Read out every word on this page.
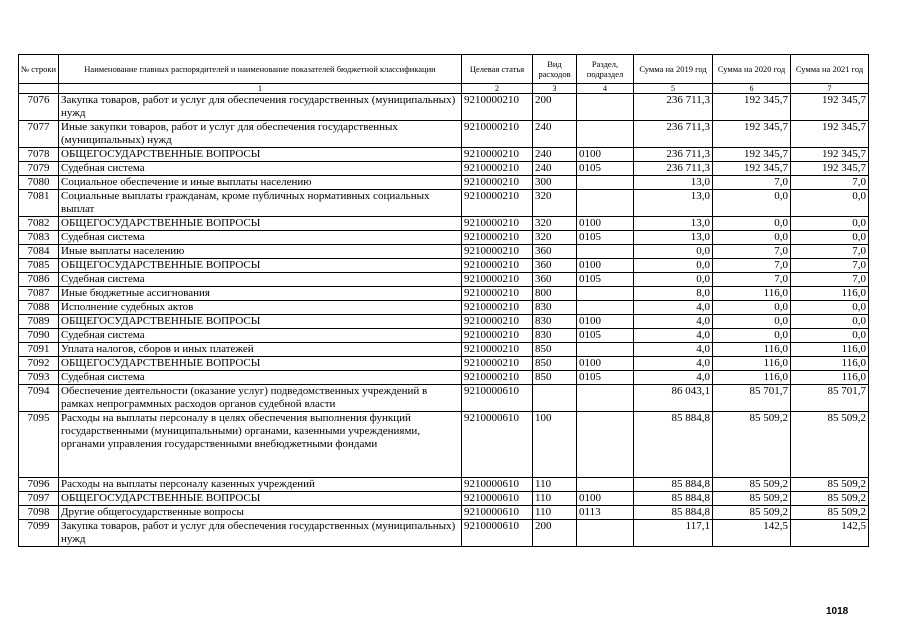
№ строки	Наименование главных распорядителей и наименование показателей бюджетной классификации	Целевая статья	Вид расходов	Раздел, подраздел	Сумма на 2019 год	Сумма на 2020 год	Сумма на 2021 год
	1	2	3	4	5	6	7
7076	Закупка товаров, работ и услуг для обеспечения государственных (муниципальных) нужд	9210000210	200		236 711,3	192 345,7	192 345,7
7077	Иные закупки товаров, работ и услуг для обеспечения государственных (муниципальных) нужд	9210000210	240		236 711,3	192 345,7	192 345,7
7078	ОБЩЕГОСУДАРСТВЕННЫЕ ВОПРОСЫ	9210000210	240	0100	236 711,3	192 345,7	192 345,7
7079	Судебная система	9210000210	240	0105	236 711,3	192 345,7	192 345,7
7080	Социальное обеспечение и иные выплаты населению	9210000210	300		13,0	7,0	7,0
7081	Социальные выплаты гражданам, кроме публичных нормативных социальных выплат	9210000210	320		13,0	0,0	0,0
7082	ОБЩЕГОСУДАРСТВЕННЫЕ ВОПРОСЫ	9210000210	320	0100	13,0	0,0	0,0
7083	Судебная система	9210000210	320	0105	13,0	0,0	0,0
7084	Иные выплаты населению	9210000210	360		0,0	7,0	7,0
7085	ОБЩЕГОСУДАРСТВЕННЫЕ ВОПРОСЫ	9210000210	360	0100	0,0	7,0	7,0
7086	Судебная система	9210000210	360	0105	0,0	7,0	7,0
7087	Иные бюджетные ассигнования	9210000210	800		8,0	116,0	116,0
7088	Исполнение судебных актов	9210000210	830		4,0	0,0	0,0
7089	ОБЩЕГОСУДАРСТВЕННЫЕ ВОПРОСЫ	9210000210	830	0100	4,0	0,0	0,0
7090	Судебная система	9210000210	830	0105	4,0	0,0	0,0
7091	Уплата налогов, сборов и иных платежей	9210000210	850		4,0	116,0	116,0
7092	ОБЩЕГОСУДАРСТВЕННЫЕ ВОПРОСЫ	9210000210	850	0100	4,0	116,0	116,0
7093	Судебная система	9210000210	850	0105	4,0	116,0	116,0
7094	Обеспечение деятельности (оказание услуг) подведомственных учреждений в рамках непрограммных расходов органов судебной власти	9210000610			86 043,1	85 701,7	85 701,7
7095	Расходы на выплаты персоналу в целях обеспечения выполнения функций государственными (муниципальными) органами, казенными учреждениями, органами управления государственными внебюджетными фондами	9210000610	100		85 884,8	85 509,2	85 509,2
7096	Расходы на выплаты персоналу казенных учреждений	9210000610	110		85 884,8	85 509,2	85 509,2
7097	ОБЩЕГОСУДАРСТВЕННЫЕ ВОПРОСЫ	9210000610	110	0100	85 884,8	85 509,2	85 509,2
7098	Другие общегосударственные вопросы	9210000610	110	0113	85 884,8	85 509,2	85 509,2
7099	Закупка товаров, работ и услуг для обеспечения государственных (муниципальных) нужд	9210000610	200		117,1	142,5	142,5
1018
